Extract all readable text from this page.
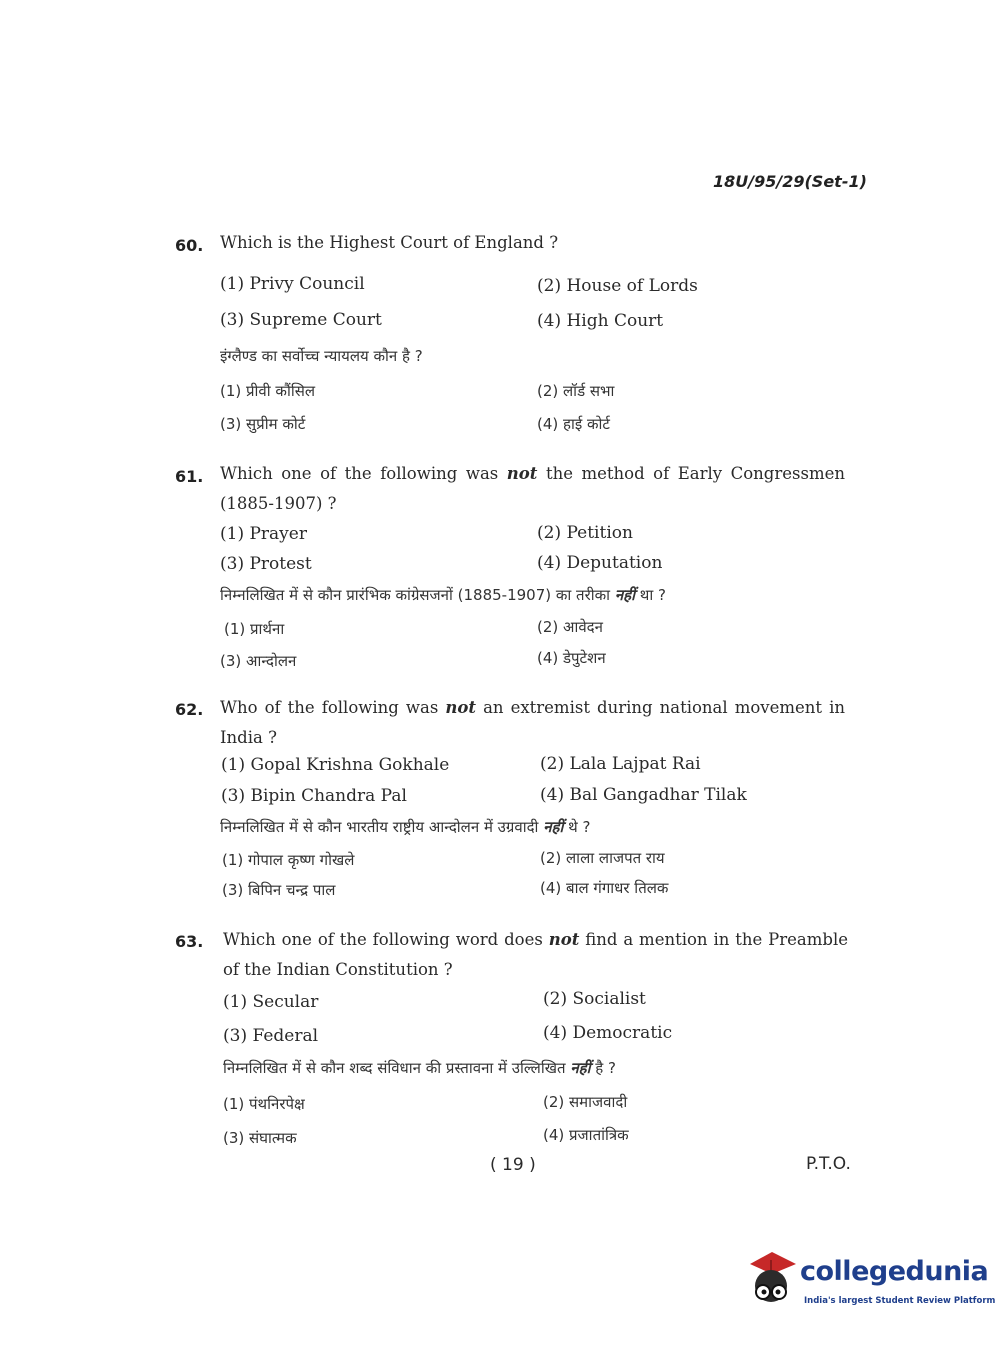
18U/95/29(Set-1)
60. Which is the Highest Court of England ?
(1) Privy Council	(2) House of Lords
(3) Supreme Court	(4) High Court
इंग्लैण्ड का सर्वोच्च न्यायलय कौन है ?
(1) प्रीवी कौंसिल	(2) लॉर्ड सभा
(3) सुप्रीम कोर्ट	(4) हाई कोर्ट
61. Which one of the following was not the method of Early Congressmen (1885-1907) ?
(1) Prayer	(2) Petition
(3) Protest	(4) Deputation
निम्नलिखित में से कौन प्रारंभिक कांग्रेसजनों (1885-1907) का तरीका नहीं था ?
(1) प्रार्थना	(2) आवेदन
(3) आन्दोलन	(4) डेपुटेशन
62. Who of the following was not an extremist during national movement in India ?
(1) Gopal Krishna Gokhale	(2) Lala Lajpat Rai
(3) Bipin Chandra Pal	(4) Bal Gangadhar Tilak
निम्नलिखित में से कौन भारतीय राष्ट्रीय आन्दोलन में उग्रवादी नहीं थे ?
(1) गोपाल कृष्ण गोखले	(2) लाला लाजपत राय
(3) बिपिन चन्द्र पाल	(4) बाल गंगाधर तिलक
63. Which one of the following word does not find a mention in the Preamble of the Indian Constitution ?
(1) Secular	(2) Socialist
(3) Federal	(4) Democratic
निम्नलिखित में से कौन शब्द संविधान की प्रस्तावना में उल्लिखित नहीं है ?
(1) पंथनिरपेक्ष	(2) समाजवादी
(3) संघात्मक	(4) प्रजातांत्रिक
( 19 )	P.T.O.
collegedunia
India's largest Student Review Platform
